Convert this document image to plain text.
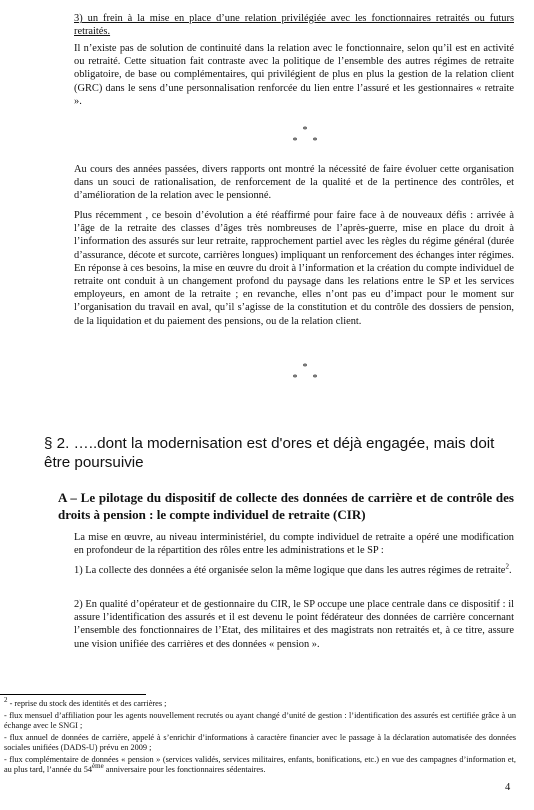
3) un frein à la mise en place d’une relation privilégiée avec les fonctionnaires retraités ou futurs retraités.

Il n’existe pas de solution de continuité dans la relation avec le fonctionnaire, selon qu’il est en activité ou retraité. Cette situation fait contraste avec la politique de l’ensemble des autres régimes de retraite obligatoire, de base ou complémentaires, qui privilégient de plus en plus la gestion de la relation client (GRC) dans le sens d’une personnalisation renforcée du lien entre l’assuré et les gestionnaires « retraite ».

*
* *

Au cours des années passées, divers rapports ont montré la nécessité de faire évoluer cette organisation dans un souci de rationalisation, de renforcement de la qualité et de la pertinence des contrôles, et d’amélioration de la relation avec le pensionné.

Plus récemment , ce besoin d’évolution a été réaffirmé pour faire face à de nouveaux défis : arrivée à l’âge de la retraite des classes d’âges très nombreuses de l’après-guerre, mise en place du droit à l’information des assurés sur leur retraite, rapprochement partiel avec les règles du régime général (durée d’assurance, décote et surcote, carrières longues) impliquant un renforcement des échanges inter régimes. En réponse à ces besoins, la mise en œuvre du droit à l’information et la création du compte individuel de retraite ont conduit à un changement profond du paysage dans les relations entre le SP et les services employeurs, en amont de la retraite ; en revanche, elles n’ont pas eu d’impact pour le moment sur l’organisation du travail en aval, qu’il s’agisse de la constitution et du contrôle des dossiers de pension, de la liquidation et du paiement des pensions, ou de la relation client.

*
* *

§ 2. …..dont la modernisation est d'ores et déjà engagée, mais doit être poursuivie

A – Le pilotage du dispositif de collecte des données de carrière et de contrôle des droits à pension : le compte individuel de retraite (CIR)

La mise en œuvre, au niveau interministériel, du compte individuel de retraite a opéré une modification en profondeur de la répartition des rôles entre les administrations et le SP :

1) La collecte des données a été organisée selon la même logique que dans les autres régimes de retraite$^2$.

2) En qualité d’opérateur et de gestionnaire du CIR, le SP occupe une place centrale dans ce dispositif : il assure l’identification des assurés et il est devenu le point fédérateur des données de carrière concernant l’ensemble des fonctionnaires de l’Etat, des militaires et des magistrats non retraités et, à ce titre, assure une vision unifiée des carrières et des données « pension ».

$^2$ - reprise du stock des identités et des carrières ;

- flux mensuel d’affiliation pour les agents nouvellement recrutés ou ayant changé d’unité de gestion : l’identification des assurés est certifiée grâce à un échange avec le SNGI ;

- flux annuel de données de carrière, appelé à s’enrichir d’informations à caractère financier avec le passage à la déclaration automatisée des données sociales unifiées (DADS-U) prévu en 2009 ;

- flux complémentaire de données « pension » (services validés, services militaires, enfants, bonifications, etc.) en vue des campagnes d’information et, au plus tard, l’année du 54ème anniversaire pour les fonctionnaires sédentaires.

4
